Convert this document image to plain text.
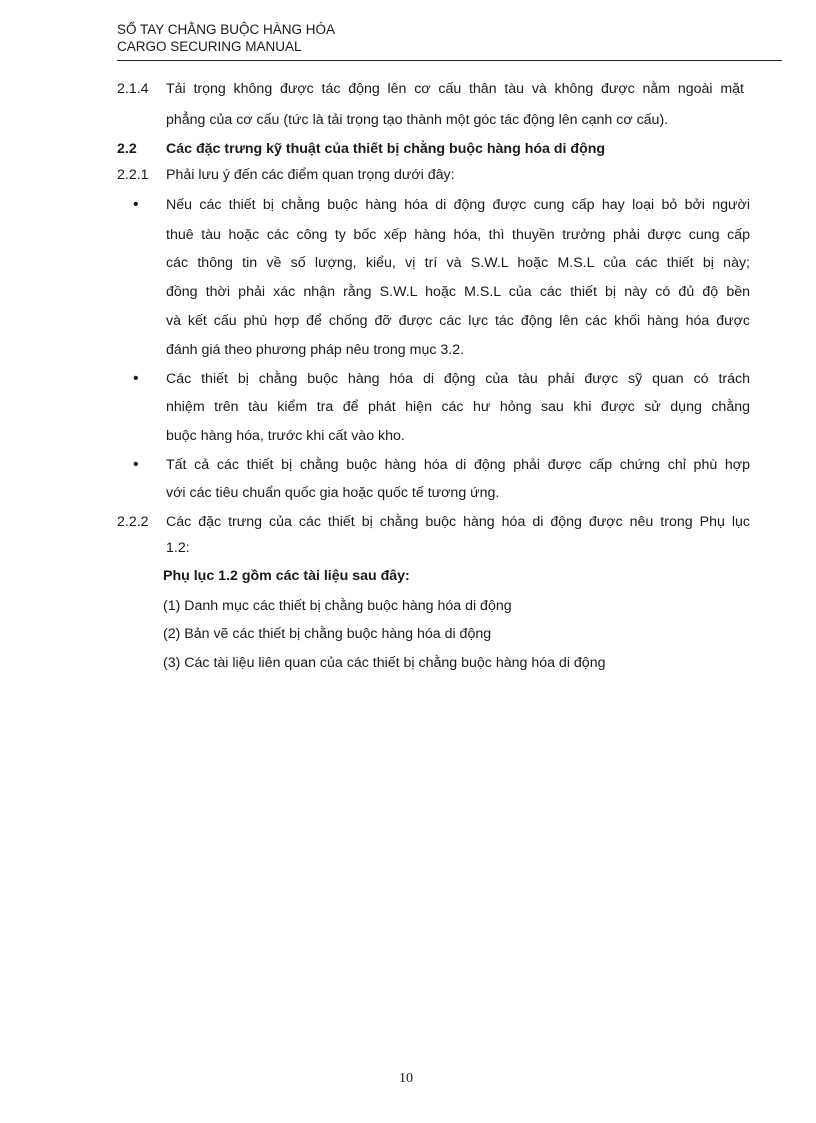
SỔ TAY CHẰNG BUỘC HÀNG HÓA
CARGO SECURING MANUAL
2.1.4 Tải trọng không được tác động lên cơ cấu thân tàu và không được nằm ngoài mặt
phẳng của cơ cấu (tức là tải trọng tạo thành một góc tác động lên cạnh cơ cấu).
2.2 Các đặc trưng kỹ thuật của thiết bị chằng buộc hàng hóa di động
2.2.1 Phải lưu ý đến các điểm quan trọng dưới đây:
• Nếu các thiết bị chằng buộc hàng hóa di động được cung cấp hay loại bỏ bởi người
thuê tàu hoặc các công ty bốc xếp hàng hóa, thì thuyền trưởng phải được cung cấp
các thông tin về số lượng, kiểu, vị trí và S.W.L hoặc M.S.L của các thiết bị này;
đồng thời phải xác nhận rằng S.W.L hoặc M.S.L của các thiết bị này có đủ độ bền
và kết cấu phù hợp để chống đỡ được các lực tác động lên các khối hàng hóa được
đánh giá theo phương pháp nêu trong mục 3.2.
• Các thiết bị chằng buộc hàng hóa di động của tàu phải được sỹ quan có trách
nhiệm trên tàu kiểm tra để phát hiện các hư hỏng sau khi được sử dụng chằng
buộc hàng hóa, trước khi cất vào kho.
• Tất cả các thiết bị chằng buộc hàng hóa di động phải được cấp chứng chỉ phù hợp
với các tiêu chuẩn quốc gia hoặc quốc tế tương ứng.
2.2.2 Các đặc trưng của các thiết bị chằng buộc hàng hóa di động được nêu trong Phụ lục
1.2:
Phụ lục 1.2 gồm các tài liệu sau đây:
(1) Danh mục các thiết bị chằng buộc hàng hóa di động
(2) Bản vẽ các thiết bị chằng buộc hàng hóa di động
(3) Các tài liệu liên quan của các thiết bị chằng buộc hàng hóa di động
10
